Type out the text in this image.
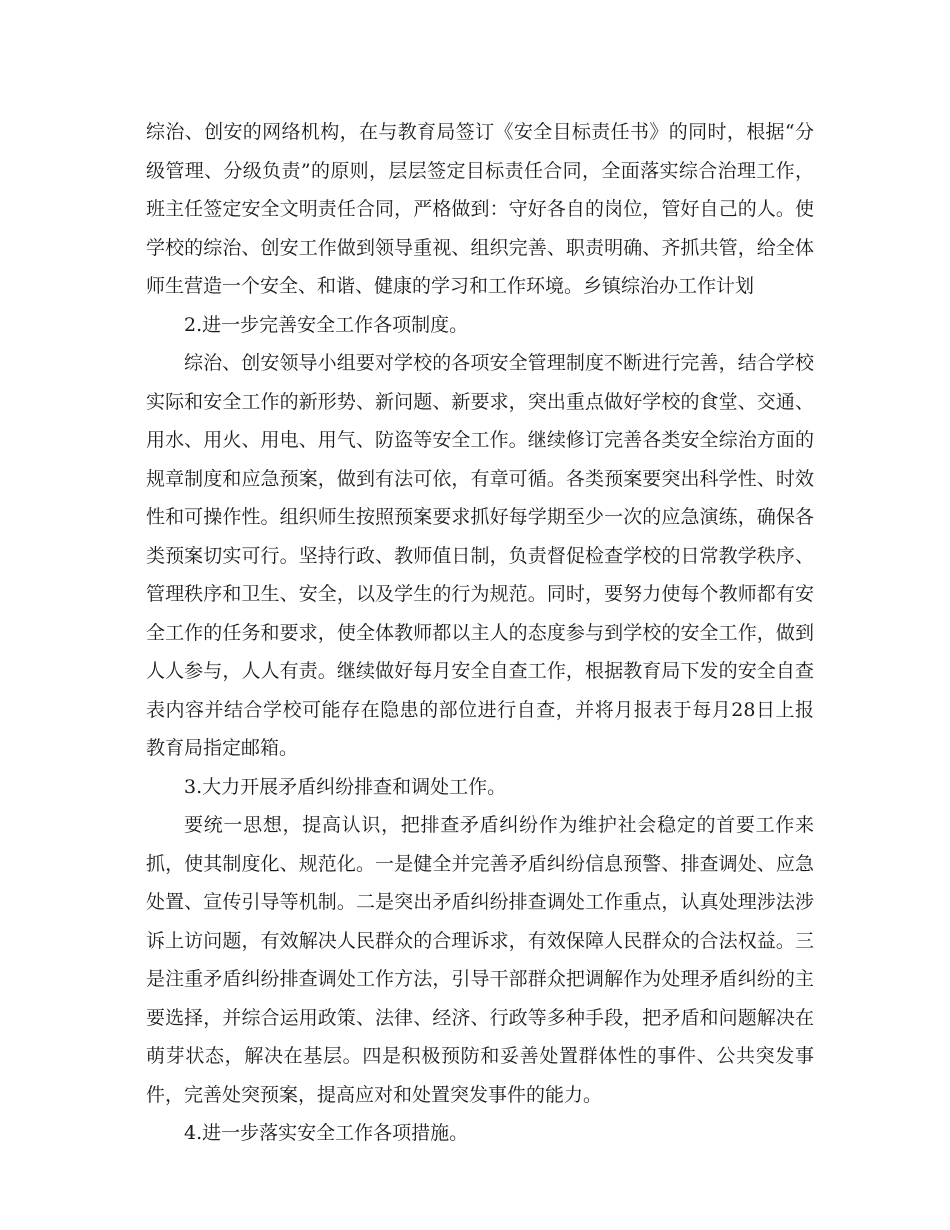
综治、创安的网络机构，在与教育局签订《安全目标责任书》的同时，根据“分级管理、分级负责”的原则，层层签定目标责任合同，全面落实综合治理工作，班主任签定安全文明责任合同，严格做到：守好各自的岗位，管好自己的人。使学校的综治、创安工作做到领导重视、组织完善、职责明确、齐抓共管，给全体师生营造一个安全、和谐、健康的学习和工作环境。乡镇综治办工作计划

2.进一步完善安全工作各项制度。

综治、创安领导小组要对学校的各项安全管理制度不断进行完善，结合学校实际和安全工作的新形势、新问题、新要求，突出重点做好学校的食堂、交通、用水、用火、用电、用气、防盗等安全工作。继续修订完善各类安全综治方面的规章制度和应急预案，做到有法可依，有章可循。各类预案要突出科学性、时效性和可操作性。组织师生按照预案要求抓好每学期至少一次的应急演练，确保各类预案切实可行。坚持行政、教师值日制，负责督促检查学校的日常教学秩序、管理秩序和卫生、安全，以及学生的行为规范。同时，要努力使每个教师都有安全工作的任务和要求，使全体教师都以主人的态度参与到学校的安全工作，做到人人参与，人人有责。继续做好每月安全自查工作，根据教育局下发的安全自查表内容并结合学校可能存在隐患的部位进行自查，并将月报表于每月28日上报教育局指定邮箱。

3.大力开展矛盾纠纷排查和调处工作。

要统一思想，提高认识，把排查矛盾纠纷作为维护社会稳定的首要工作来抓，使其制度化、规范化。一是健全并完善矛盾纠纷信息预警、排查调处、应急处置、宣传引导等机制。二是突出矛盾纠纷排查调处工作重点，认真处理涉法涉诉上访问题，有效解决人民群众的合理诉求，有效保障人民群众的合法权益。三是注重矛盾纠纷排查调处工作方法，引导干部群众把调解作为处理矛盾纠纷的主要选择，并综合运用政策、法律、经济、行政等多种手段，把矛盾和问题解决在萌芽状态，解决在基层。四是积极预防和妥善处置群体性的事件、公共突发事件，完善处突预案，提高应对和处置突发事件的能力。

4.进一步落实安全工作各项措施。
